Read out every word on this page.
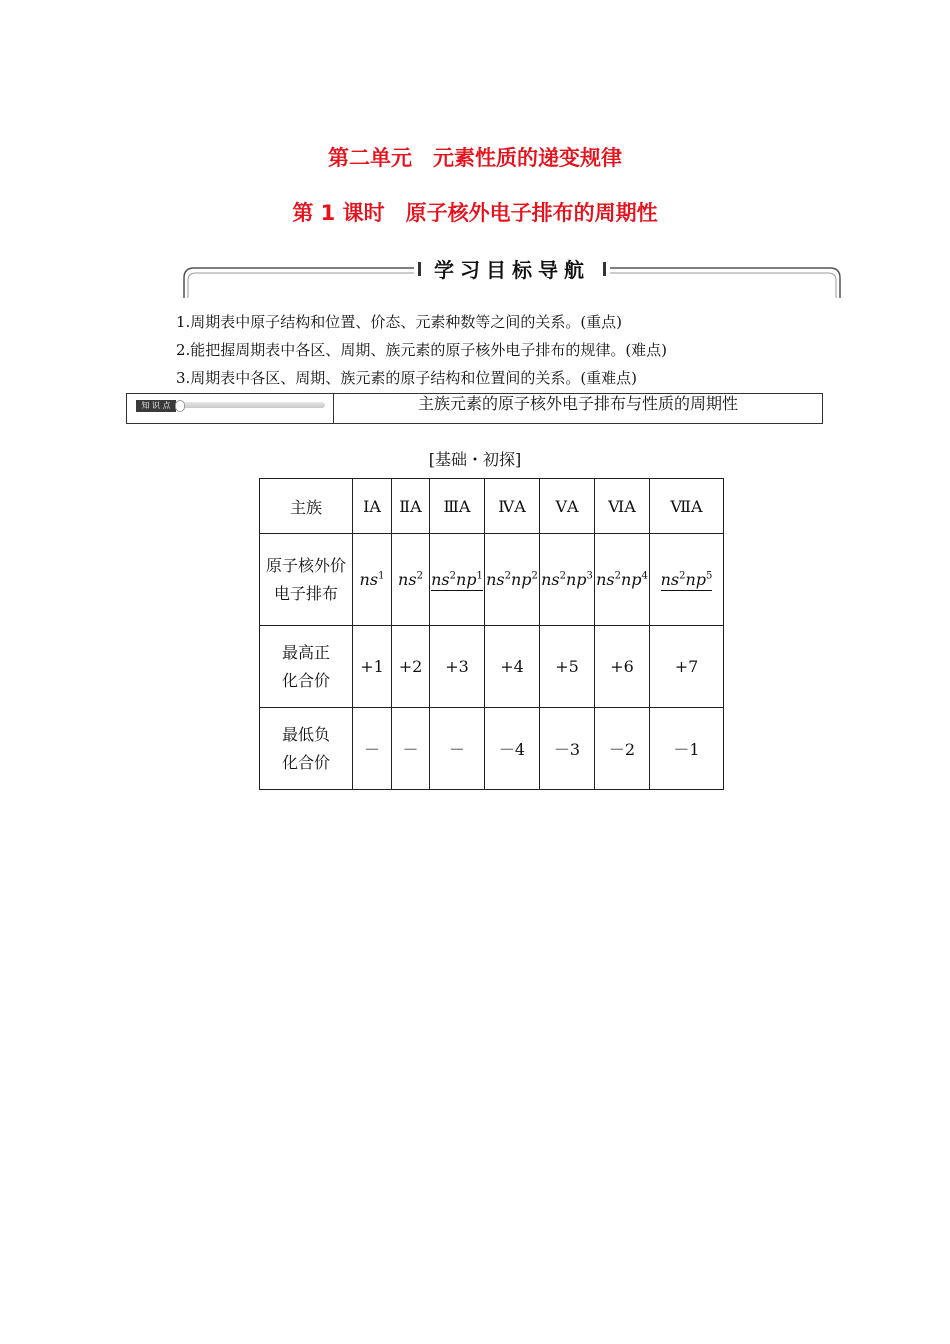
第二单元　元素性质的递变规律
第 1 课时　原子核外电子排布的周期性
学习目标导航
1.周期表中原子结构和位置、价态、元素种数等之间的关系。(重点)
2.能把握周期表中各区、周期、族元素的原子核外电子排布的规律。(难点)
3.周期表中各区、周期、族元素的原子结构和位置间的关系。(重难点)
知 识 点	主族元素的原子核外电子排布与性质的周期性
[基础・初探]
主族	ⅠA	ⅡA	ⅢA	ⅣA	ⅤA	ⅥA	ⅦA

原子核外价
电子排布	$ns^1$	$ns^2$	$ns^2np^1$	$ns^2np^2$	$ns^2np^3$	$ns^2np^4$	$ns^2np^5$

最高正
化合价	+1	+2	+3	+4	+5	+6	+7

最低负
化合价	－	－	－	－4	－3	－2	－1
